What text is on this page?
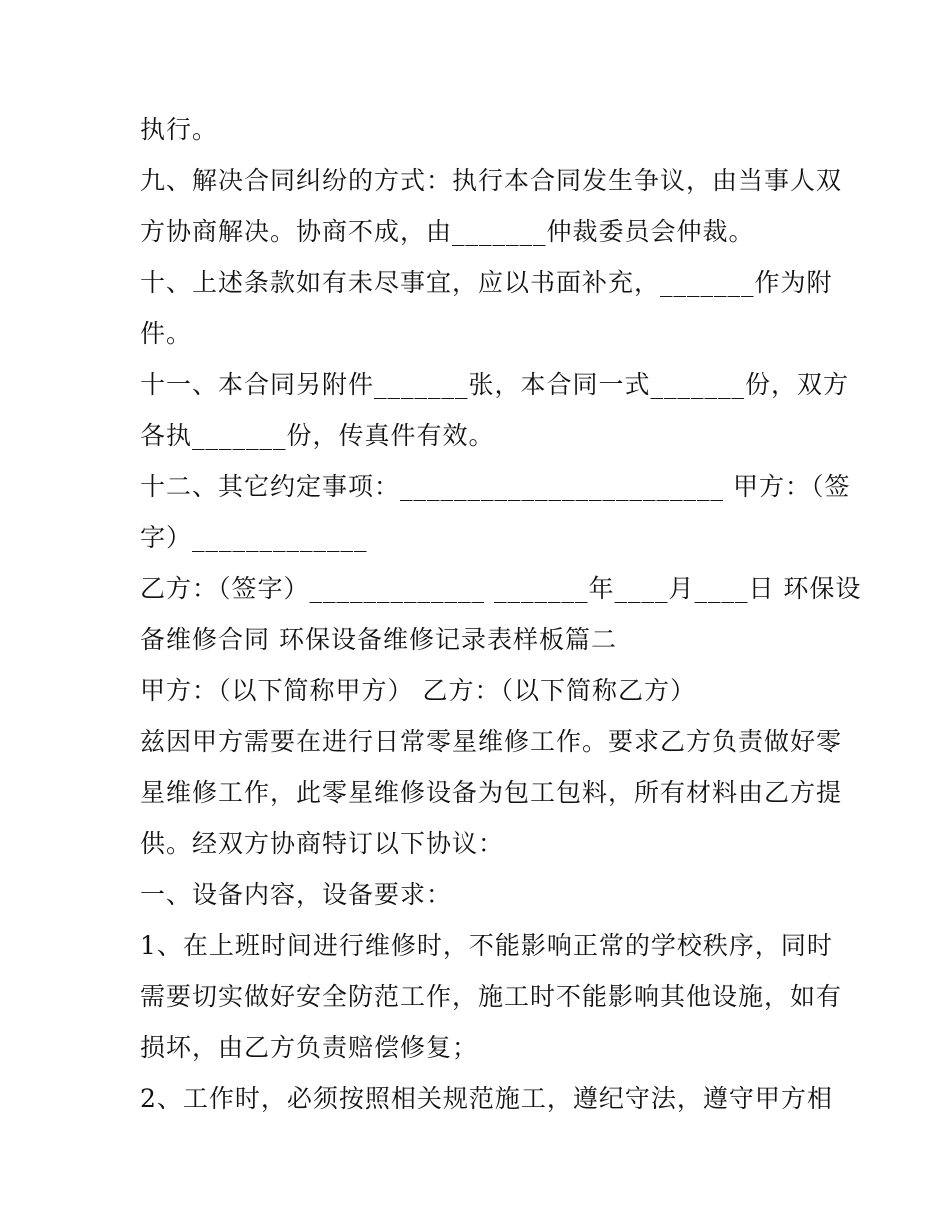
执行。
九、解决合同纠纷的方式：执行本合同发生争议，由当事人双
方协商解决。协商不成，由_______仲裁委员会仲裁。
十、上述条款如有未尽事宜，应以书面补充，_______作为附
件。
十一、本合同另附件_______张，本合同一式_______份，双方
各执_______份，传真件有效。
十二、其它约定事项：________________________ 甲方：（签
字）_____________
乙方：（签字）_____________ _______年____月____日 环保设
备维修合同 环保设备维修记录表样板篇二
甲方：（以下简称甲方） 乙方：（以下简称乙方）
兹因甲方需要在进行日常零星维修工作。要求乙方负责做好零
星维修工作，此零星维修设备为包工包料，所有材料由乙方提
供。经双方协商特订以下协议：
一、设备内容，设备要求：
1、在上班时间进行维修时，不能影响正常的学校秩序，同时
需要切实做好安全防范工作，施工时不能影响其他设施，如有
损坏，由乙方负责赔偿修复；
2、工作时，必须按照相关规范施工，遵纪守法，遵守甲方相
